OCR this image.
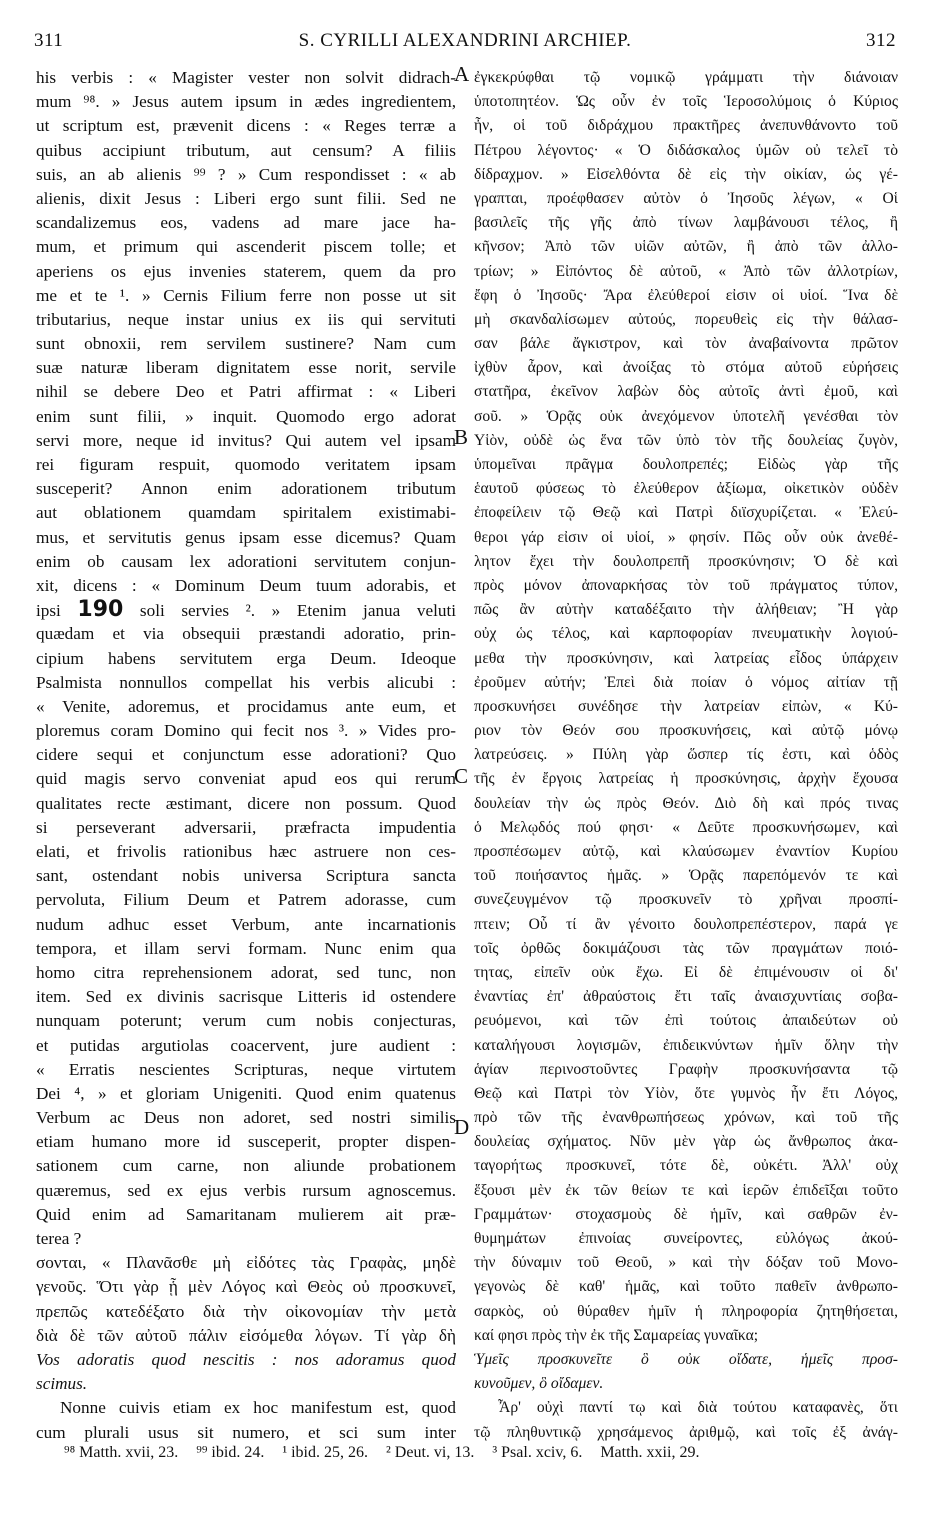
311	S. CYRILLI ALEXANDRINI ARCHIEP.	312
his verbis : « Magister vester non solvit didrach-
mum ⁹⁸. » Jesus autem ipsum in ædes ingredientem,
ut scriptum est, prævenit dicens : « Reges terræ a
quibus accipiunt tributum, aut censum? A filiis
suis, an ab alienis ⁹⁹ ? » Cum respondisset : « ab
alienis, dixit Jesus : Liberi ergo sunt filii. Sed ne
scandalizemus eos, vadens ad mare jace ha-
mum, et primum qui ascenderit piscem tolle; et
aperiens os ejus invenies staterem, quem da pro
me et te ¹. » Cernis Filium ferre non posse ut sit
tributarius, neque instar unius ex iis qui servituti
sunt obnoxii, rem servilem sustinere? Nam cum
suæ naturæ liberam dignitatem esse norit, servile
nihil se debere Deo et Patri affirmat : « Liberi
enim sunt filii, » inquit. Quomodo ergo adorat
servi more, neque id invitus? Qui autem vel ipsam
rei figuram respuit, quomodo veritatem ipsam
susceperit? Annon enim adorationem tributum
aut oblationem quamdam spiritalem existimabi-
mus, et servitutis genus ipsam esse dicemus? Quam
enim ob causam lex adorationi servitutem conjun-
xit, dicens : « Dominum Deum tuum adorabis, et
ipsi 190 soli servies ². » Etenim janua veluti
quædam et via obsequii præstandi adoratio, prin-
cipium habens servitutem erga Deum. Ideoque
Psalmista nonnullos compellat his verbis alicubi :
« Venite, adoremus, et procidamus ante eum, et
ploremus coram Domino qui fecit nos ³. » Vides pro-
cidere sequi et conjunctum esse adorationi? Quo
quid magis servo conveniat apud eos qui rerum
qualitates recte æstimant, dicere non possum. Quod
si perseverant adversarii, præfracta impudentia
elati, et frivolis rationibus hæc astruere non ces-
sant, ostendant nobis universa Scriptura sancta
pervoluta, Filium Deum et Patrem adorasse, cum
nudum adhuc esset Verbum, ante incarnationis
tempora, et illam servi formam. Nunc enim qua
homo citra reprehensionem adorat, sed tunc, non
item. Sed ex divinis sacrisque Litteris id ostendere
nunquam poterunt; verum cum nobis conjecturas,
et putidas argutiolas coacervent, jure audient :
« Erratis nescientes Scripturas, neque virtutem
Dei ⁴, » et gloriam Unigeniti. Quod enim quatenus
Verbum ac Deus non adoret, sed nostri similis
etiam humano more id susceperit, propter dispen-
sationem cum carne, non aliunde probationem
quæremus, sed ex ejus verbis rursum agnoscemus.
Quid enim ad Samaritanam mulierem ait præ-
terea ?
σονται, « Πλανᾶσθε μὴ εἰδότες τὰς Γραφὰς, μηδὲ
γενοῦς. Ὅτι γὰρ ᾗ μὲν Λόγος καὶ Θεὸς οὐ προσκυνεῖ,
πρεπῶς κατεδέξατο διὰ τὴν οἰκονομίαν τὴν μετὰ
διὰ δὲ τῶν αὐτοῦ πάλιν εἰσόμεθα λόγων. Τί γὰρ δὴ
Vos adoratis quod nescitis : nos adoramus quod
scimus.
Nonne cuivis etiam ex hoc manifestum est, quod
cum plurali usus sit numero, et sci sum inter
ἐγκεκρύφθαι τῷ νομικῷ γράμματι τὴν διάνοιαν
ὑποτοπητέον. Ὡς οὖν ἐν τοῖς Ἱεροσολύμοις ὁ Κύριος
ἦν, οἱ τοῦ διδράχμου πρακτῆρες ἀνεπυνθάνοντο τοῦ
Πέτρου λέγοντος· « Ὁ διδάσκαλος ὑμῶν οὐ τελεῖ τὸ
δίδραχμον. » Εἰσελθόντα δὲ εἰς τὴν οἰκίαν, ὡς γέ-
γραπται, προέφθασεν αὐτὸν ὁ Ἰησοῦς λέγων, « Οἱ
βασιλεῖς τῆς γῆς ἀπὸ τίνων λαμβάνουσι τέλος, ἢ
κῆνσον; Ἀπὸ τῶν υἱῶν αὐτῶν, ἢ ἀπὸ τῶν ἀλλο-
τρίων; » Εἰπόντος δὲ αὐτοῦ, « Ἀπὸ τῶν ἀλλοτρίων,
ἔφη ὁ Ἰησοῦς· Ἄρα ἐλεύθεροί εἰσιν οἱ υἱοί. Ἵνα δὲ
μὴ σκανδαλίσωμεν αὐτούς, πορευθεὶς εἰς τὴν θάλασ-
σαν βάλε ἄγκιστρον, καὶ τὸν ἀναβαίνοντα πρῶτον
ἰχθὺν ἆρον, καὶ ἀνοίξας τὸ στόμα αὐτοῦ εὑρήσεις
στατῆρα, ἐκεῖνον λαβὼν δὸς αὐτοῖς ἀντὶ ἐμοῦ, καὶ
σοῦ. » Ὁρᾷς οὐκ ἀνεχόμενον ὑποτελῆ γενέσθαι τὸν
Υἱὸν, οὐδὲ ὡς ἕνα τῶν ὑπὸ τὸν τῆς δουλείας ζυγὸν,
ὑπομεῖναι πρᾶγμα δουλοπρεπές; Εἰδὼς γὰρ τῆς
ἑαυτοῦ φύσεως τὸ ἐλεύθερον ἀξίωμα, οἰκετικὸν οὐδὲν
ἐποφείλειν τῷ Θεῷ καὶ Πατρὶ διϊσχυρίζεται. « Ἐλεύ-
θεροι γάρ εἰσιν οἱ υἱοί, » φησίν. Πῶς οὖν οὐκ ἀνεθέ-
λητον ἔχει τὴν δουλοπρεπῆ προσκύνησιν; Ὁ δὲ καὶ
πρὸς μόνον ἀποναρκήσας τὸν τοῦ πράγματος τύπον,
πῶς ἂν αὐτὴν καταδέξαιτο τὴν ἀλήθειαν; Ἢ γὰρ
οὐχ ὡς τέλος, καὶ καρποφορίαν πνευματικὴν λογιού-
μεθα τὴν προσκύνησιν, καὶ λατρείας εἶδος ὑπάρχειν
ἐροῦμεν αὐτήν; Ἐπεὶ διὰ ποίαν ὁ νόμος αἰτίαν τῇ
προσκυνήσει συνέδησε τὴν λατρείαν εἰπὼν, « Κύ-
ριον τὸν Θεόν σου προσκυνήσεις, καὶ αὐτῷ μόνῳ
λατρεύσεις. » Πύλη γὰρ ὥσπερ τίς ἐστι, καὶ ὁδὸς
τῆς ἐν ἔργοις λατρείας ἡ προσκύνησις, ἀρχὴν ἔχουσα
δουλείαν τὴν ὡς πρὸς Θεόν. Διὸ δὴ καὶ πρός τινας
ὁ Μελῳδός πού φησι· « Δεῦτε προσκυνήσωμεν, καὶ
προσπέσωμεν αὐτῷ, καὶ κλαύσωμεν ἐναντίον Κυρίου
τοῦ ποιήσαντος ἡμᾶς. » Ὁρᾷς παρεπόμενόν τε καὶ
συνεζευγμένον τῷ προσκυνεῖν τὸ χρῆναι προσπί-
πτειν; Οὗ τί ἂν γένοιτο δουλοπρεπέστερον, παρά γε
τοῖς ὀρθῶς δοκιμάζουσι τὰς τῶν πραγμάτων ποιό-
τητας, εἰπεῖν οὐκ ἔχω. Εἰ δὲ ἐπιμένουσιν οἱ δι'
ἐναντίας ἐπ' ἀθραύστοις ἔτι ταῖς ἀναισχυντίαις σοβα-
ρευόμενοι, καὶ τῶν ἐπὶ τούτοις ἀπαιδεύτων οὐ
καταλήγουσι λογισμῶν, ἐπιδεικνύντων ἡμῖν ὅλην τὴν
ἁγίαν περινοστοῦντες Γραφὴν προσκυνήσαντα τῷ
Θεῷ καὶ Πατρὶ τὸν Υἱὸν, ὅτε γυμνὸς ἦν ἔτι Λόγος,
πρὸ τῶν τῆς ἐνανθρωπήσεως χρόνων, καὶ τοῦ τῆς
δουλείας σχήματος. Νῦν μὲν γὰρ ὡς ἄνθρωπος ἀκα-
ταγορήτως προσκυνεῖ, τότε δὲ, οὐκέτι. Ἀλλ' οὐχ
ἕξουσι μὲν ἐκ τῶν θείων τε καὶ ἱερῶν ἐπιδεῖξαι τοῦτο
Γραμμάτων· στοχασμοὺς δὲ ἡμῖν, καὶ σαθρῶν ἐν-
θυμημάτων ἐπινοίας συνείροντες, εὐλόγως ἀκού-
τὴν δύναμιν τοῦ Θεοῦ, » καὶ τὴν δόξαν τοῦ Μονο-
γεγονὼς δὲ καθ' ἡμᾶς, καὶ τοῦτο παθεῖν ἀνθρωπο-
σαρκὸς, οὐ θύραθεν ἡμῖν ἡ πληροφορία ζητηθήσεται,
καί φησι πρὸς τὴν ἐκ τῆς Σαμαρείας γυναῖκα;
Ὑμεῖς προσκυνεῖτε ὃ οὐκ οἴδατε, ἡμεῖς προσ-
κυνοῦμεν, ὃ οἴδαμεν.
Ἆρ' οὐχὶ παντί τῳ καὶ διὰ τούτου καταφανὲς, ὅτι
τῷ πληθυντικῷ χρησάμενος ἀριθμῷ, καὶ τοῖς ἐξ ἀνάγ-
A
B
C
D
⁹⁸ Matth. xvii, 23. ⁹⁹ ibid. 24. ¹ ibid. 25, 26. ² Deut. vi, 13. ³ Psal. xciv, 6. Matth. xxii, 29.
